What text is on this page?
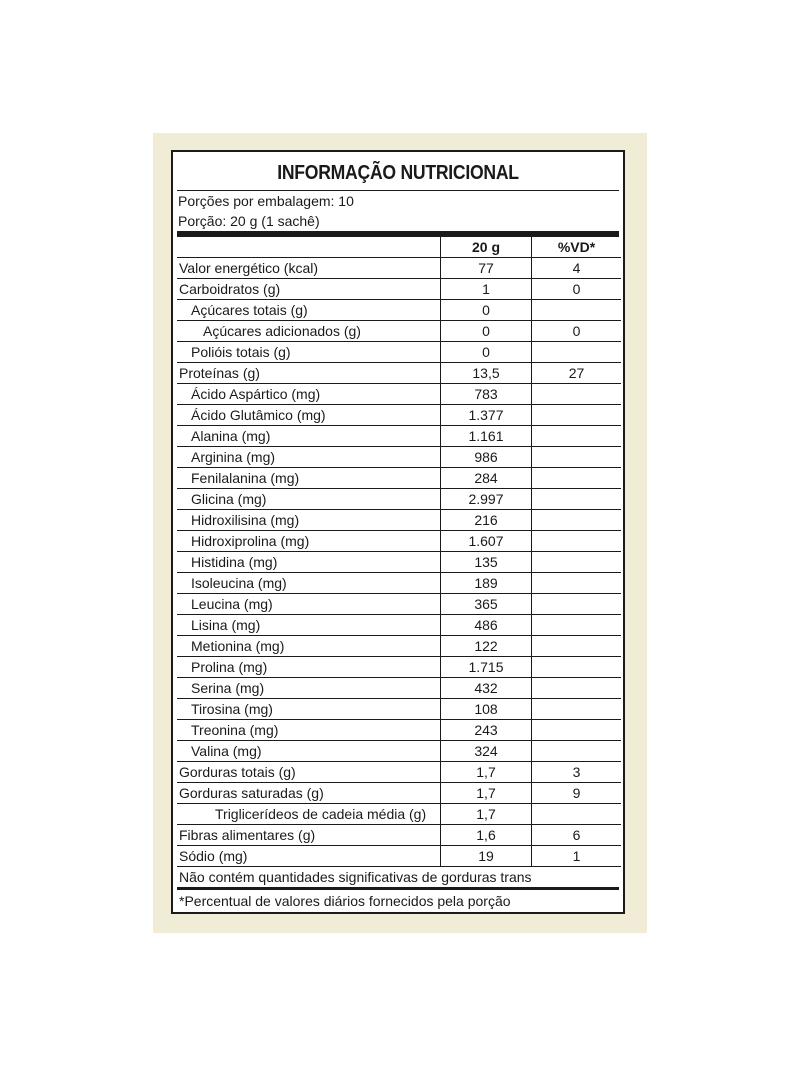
INFORMAÇÃO NUTRICIONAL
Porções por embalagem: 10
Porção: 20 g (1 sachê)
	20 g	%VD*
Valor energético (kcal)	77	4
Carboidratos (g)	1	0
Açúcares totais (g)	0	
Açúcares adicionados (g)	0	0
Polióis totais (g)	0	
Proteínas (g)	13,5	27
Ácido Aspártico (mg)	783	
Ácido Glutâmico (mg)	1.377	
Alanina (mg)	1.161	
Arginina (mg)	986	
Fenilalanina (mg)	284	
Glicina (mg)	2.997	
Hidroxilisina (mg)	216	
Hidroxiprolina (mg)	1.607	
Histidina (mg)	135	
Isoleucina (mg)	189	
Leucina (mg)	365	
Lisina (mg)	486	
Metionina (mg)	122	
Prolina (mg)	1.715	
Serina (mg)	432	
Tirosina (mg)	108	
Treonina (mg)	243	
Valina (mg)	324	
Gorduras totais (g)	1,7	3
Gorduras saturadas (g)	1,7	9
Triglicerídeos de cadeia média (g)	1,7	
Fibras alimentares (g)	1,6	6
Sódio (mg)	19	1
Não contém quantidades significativas de gorduras trans
*Percentual de valores diários fornecidos pela porção
